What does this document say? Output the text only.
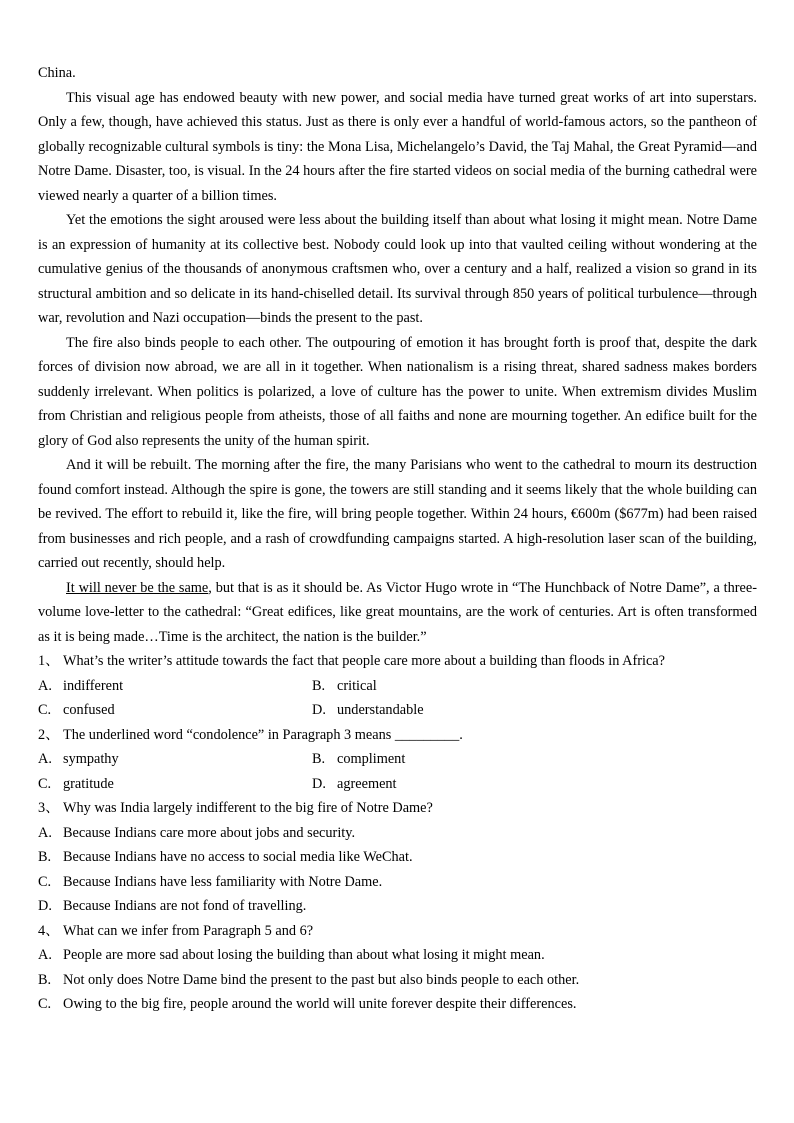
China.

This visual age has endowed beauty with new power, and social media have turned great works of art into superstars. Only a few, though, have achieved this status. Just as there is only ever a handful of world-famous actors, so the pantheon of globally recognizable cultural symbols is tiny: the Mona Lisa, Michelangelo’s David, the Taj Mahal, the Great Pyramid—and Notre Dame. Disaster, too, is visual. In the 24 hours after the fire started videos on social media of the burning cathedral were viewed nearly a quarter of a billion times.

Yet the emotions the sight aroused were less about the building itself than about what losing it might mean. Notre Dame is an expression of humanity at its collective best. Nobody could look up into that vaulted ceiling without wondering at the cumulative genius of the thousands of anonymous craftsmen who, over a century and a half, realized a vision so grand in its structural ambition and so delicate in its hand-chiselled detail. Its survival through 850 years of political turbulence—through war, revolution and Nazi occupation—binds the present to the past.

The fire also binds people to each other. The outpouring of emotion it has brought forth is proof that, despite the dark forces of division now abroad, we are all in it together. When nationalism is a rising threat, shared sadness makes borders suddenly irrelevant. When politics is polarized, a love of culture has the power to unite. When extremism divides Muslim from Christian and religious people from atheists, those of all faiths and none are mourning together. An edifice built for the glory of God also represents the unity of the human spirit.

And it will be rebuilt. The morning after the fire, the many Parisians who went to the cathedral to mourn its destruction found comfort instead. Although the spire is gone, the towers are still standing and it seems likely that the whole building can be revived. The effort to rebuild it, like the fire, will bring people together. Within 24 hours, €600m ($677m) had been raised from businesses and rich people, and a rash of crowdfunding campaigns started. A high-resolution laser scan of the building, carried out recently, should help.

It will never be the same, but that is as it should be. As Victor Hugo wrote in “The Hunchback of Notre Dame”, a three-volume love-letter to the cathedral: “Great edifices, like great mountains, are the work of centuries. Art is often transformed as it is being made…Time is the architect, the nation is the builder.”

1、 What’s the writer’s attitude towards the fact that people care more about a building than floods in Africa?

A. indifferent	B. critical

C. confused	D. understandable

2、 The underlined word “condolence” in Paragraph 3 means _________.

A. sympathy	B. compliment

C. gratitude	D. agreement

3、 Why was India largely indifferent to the big fire of Notre Dame?

A. Because Indians care more about jobs and security.

B. Because Indians have no access to social media like WeChat.

C. Because Indians have less familiarity with Notre Dame.

D. Because Indians are not fond of travelling.

4、 What can we infer from Paragraph 5 and 6?

A. People are more sad about losing the building than about what losing it might mean.

B. Not only does Notre Dame bind the present to the past but also binds people to each other.

C. Owing to the big fire, people around the world will unite forever despite their differences.
